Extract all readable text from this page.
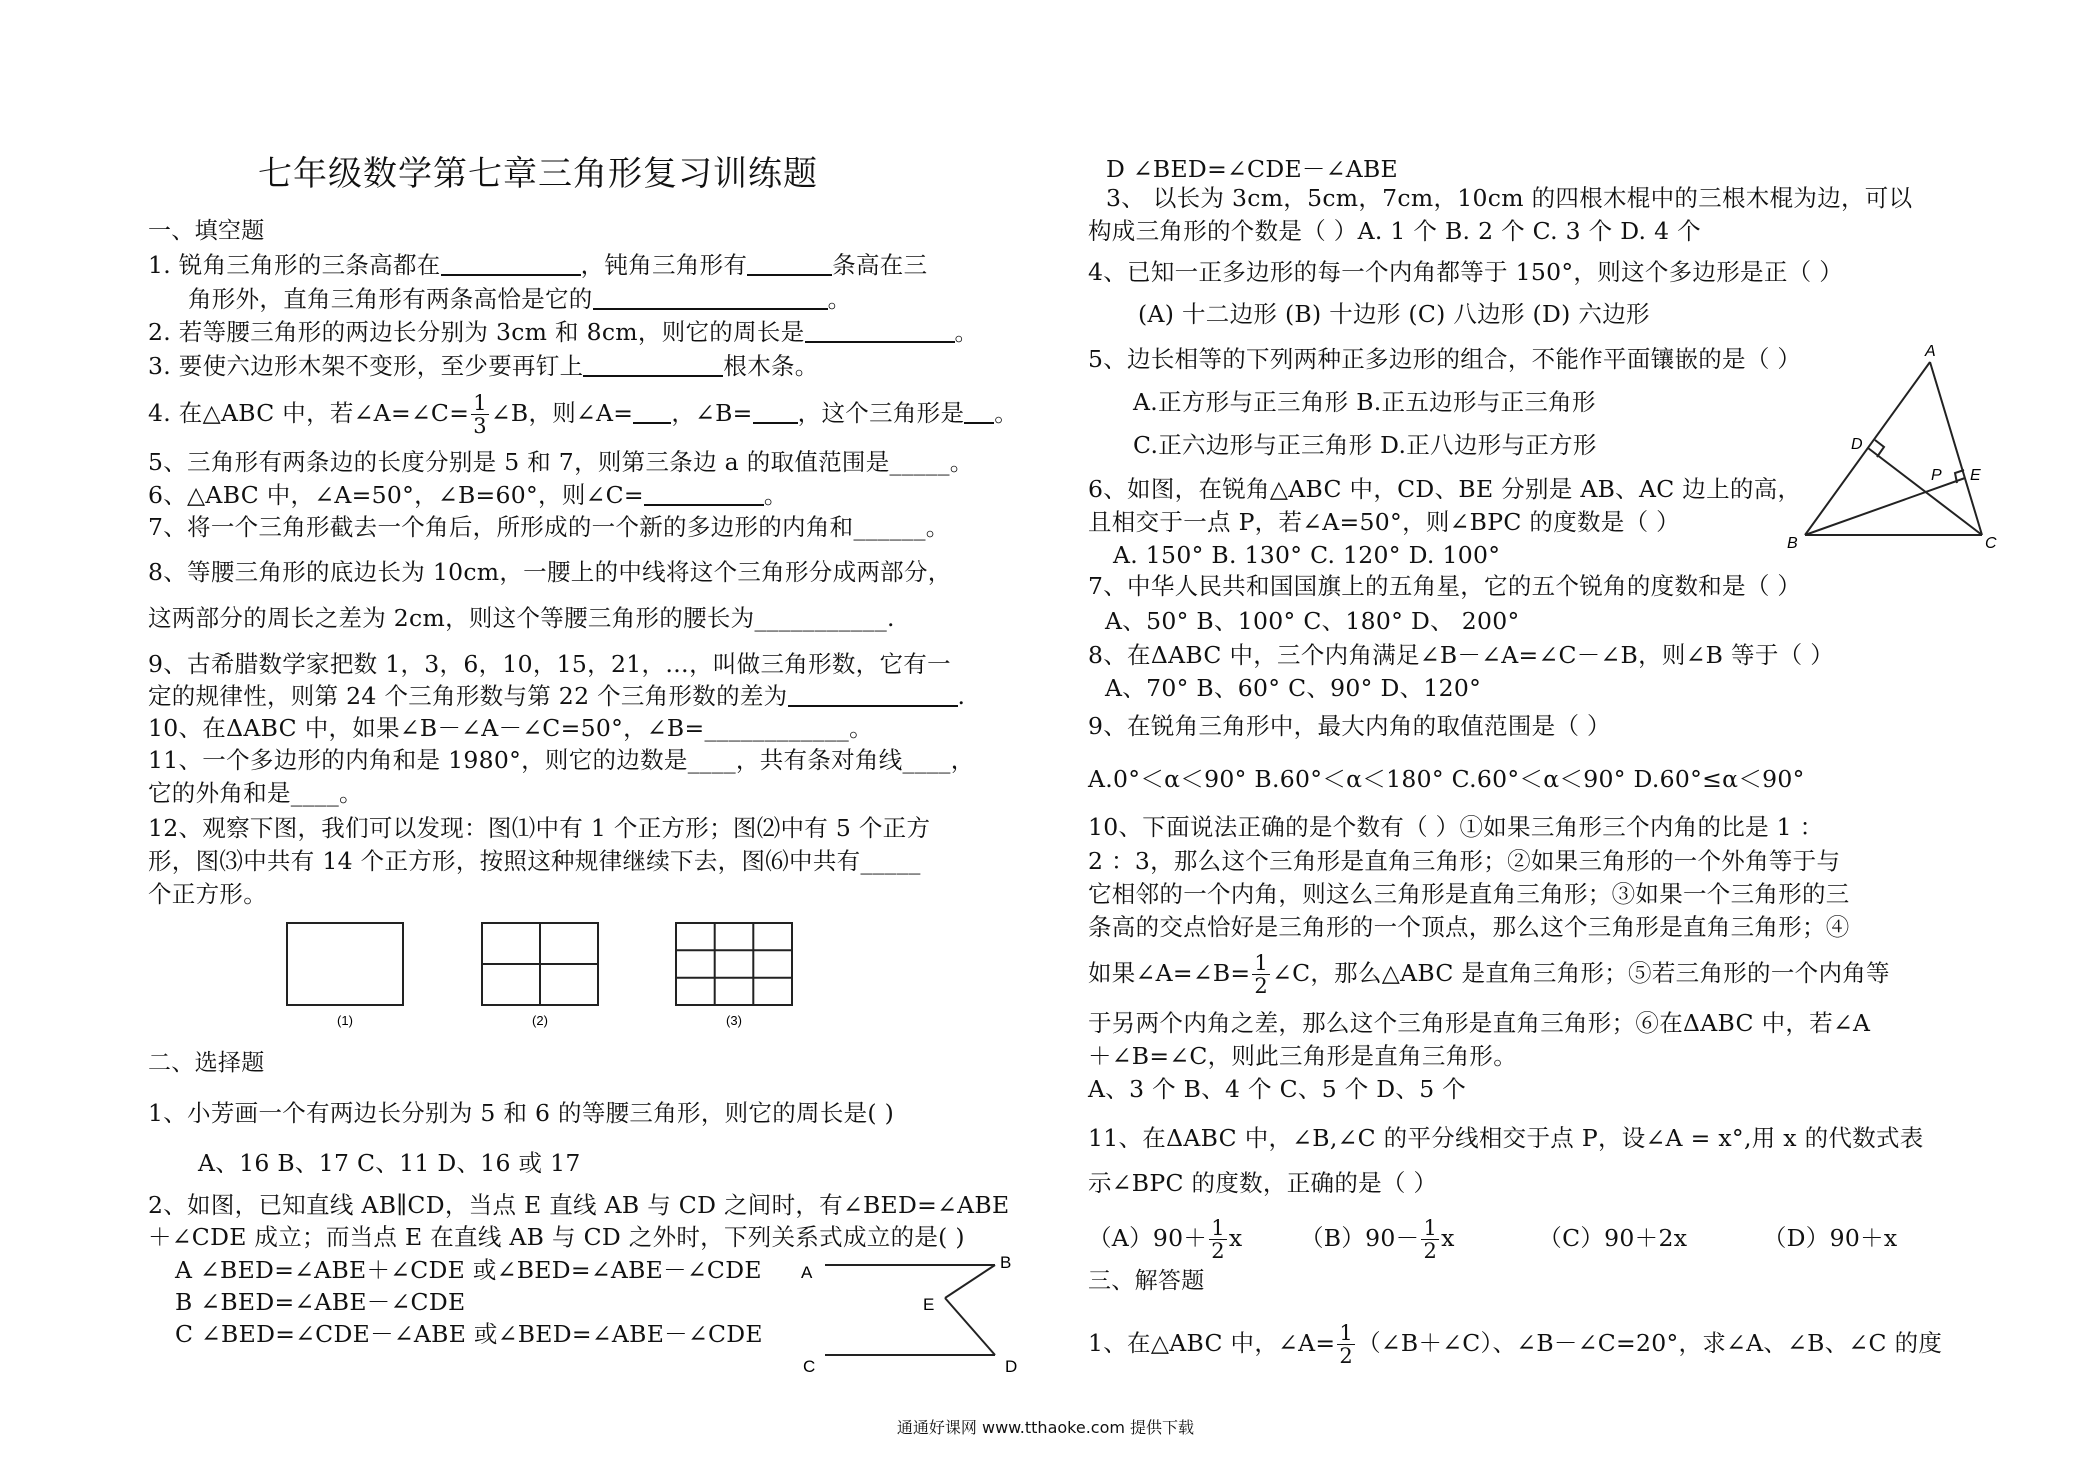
七年级数学第七章三角形复习训练题
一、填空题
1. 锐角三角形的三条高都在	，钝角三角形有	条高在三
角形外，直角三角形有两条高恰是它的	。
2. 若等腰三角形的两边长分别为 3cm 和 8cm，则它的周长是	。
3. 要使六边形木架不变形，至少要再钉上	根木条。
4. 在△ABC 中，若∠A=∠C= $\frac{1}{3}$ ∠B，则∠A= ，∠B= ，这个三角形是 。
5、三角形有两条边的长度分别是 5 和 7，则第三条边 a 的取值范围是_____。
6、△ABC 中，∠A=50°，∠B=60°，则∠C=	。
7、将一个三角形截去一个角后，所形成的一个新的多边形的内角和______。
8、等腰三角形的底边长为 10cm，一腰上的中线将这个三角形分成两部分，
这两部分的周长之差为 2cm，则这个等腰三角形的腰长为___________.
9、古希腊数学家把数 1，3，6，10，15，21，…，叫做三角形数，它有一
定的规律性，则第 24 个三角形数与第 22 个三角形数的差为	.
10、在ΔABC 中，如果∠B－∠A－∠C=50°，∠B=____________。
11、一个多边形的内角和是 1980°，则它的边数是____，共有条对角线____，
它的外角和是____。
12、观察下图，我们可以发现：图⑴中有 1 个正方形；图⑵中有 5 个正方
形，图⑶中共有 14 个正方形，按照这种规律继续下去，图⑹中共有_____
个正方形。
(1)	(2)	(3)
二、选择题
1、小芳画一个有两边长分别为 5 和 6 的等腰三角形，则它的周长是( )
A、16 B、17 C、11 D、16 或 17
2、如图，已知直线 AB∥CD，当点 E 直线 AB 与 CD 之间时，有∠BED=∠ABE
＋∠CDE 成立；而当点 E 在直线 AB 与 CD 之外时，下列关系式成立的是( )
A ∠BED=∠ABE＋∠CDE 或∠BED=∠ABE－∠CDE
B ∠BED=∠ABE－∠CDE
C ∠BED=∠CDE－∠ABE 或∠BED=∠ABE－∠CDE
A
B
E
C	D
D ∠BED=∠CDE－∠ABE
3、 以长为 3cm，5cm，7cm，10cm 的四根木棍中的三根木棍为边，可以
构成三角形的个数是（ ）A. 1 个 B. 2 个 C. 3 个 D. 4 个
4、已知一正多边形的每一个内角都等于 150°，则这个多边形是正（ ）
(A) 十二边形 (B) 十边形 (C) 八边形 (D) 六边形
5、边长相等的下列两种正多边形的组合，不能作平面镶嵌的是（ ）
A.正方形与正三角形 B.正五边形与正三角形
C.正六边形与正三角形 D.正八边形与正方形
6、如图，在锐角△ABC 中，CD、BE 分别是 AB、AC 边上的高，
且相交于一点 P，若∠A=50°，则∠BPC 的度数是（ ）
A. 150° B. 130° C. 120° D. 100°
A
D
P E
B	C
7、中华人民共和国国旗上的五角星，它的五个锐角的度数和是（ ）
A、50° B、100° C、180° D、 200°
8、在ΔABC 中，三个内角满足∠B－∠A=∠C－∠B，则∠B 等于（ ）
A、70° B、60° C、90° D、120°
9、在锐角三角形中，最大内角的取值范围是（ ）
A.0°＜α＜90° B.60°＜α＜180° C.60°＜α＜90° D.60°≤α＜90°
10、下面说法正确的是个数有（ ）①如果三角形三个内角的比是 1 ：
2 ：3，那么这个三角形是直角三角形；②如果三角形的一个外角等于与
它相邻的一个内角，则这么三角形是直角三角形；③如果一个三角形的三
条高的交点恰好是三角形的一个顶点，那么这个三角形是直角三角形；④
如果∠A=∠B= $\frac{1}{2}$ ∠C，那么△ABC 是直角三角形；⑤若三角形的一个内角等
于另两个内角之差，那么这个三角形是直角三角形；⑥在ΔABC 中，若∠A
＋∠B=∠C，则此三角形是直角三角形。
A、3 个 B、4 个 C、5 个 D、5 个
11、在ΔABC 中，∠B,∠C 的平分线相交于点 P，设∠A = x°,用 x 的代数式表
示∠BPC 的度数，正确的是（ ）
$(A)90+ \frac{1}{2}$ x $(B)90- \frac{1}{2}$ x	（C）90＋2x	（D）90＋x
三、解答题
1、在△ABC 中，∠A= $\frac{1}{2}$ （∠B＋∠C）、∠B－∠C=20°，求∠A、∠B、∠C 的度
通通好课网 www.tthaoke.com 提供下载
